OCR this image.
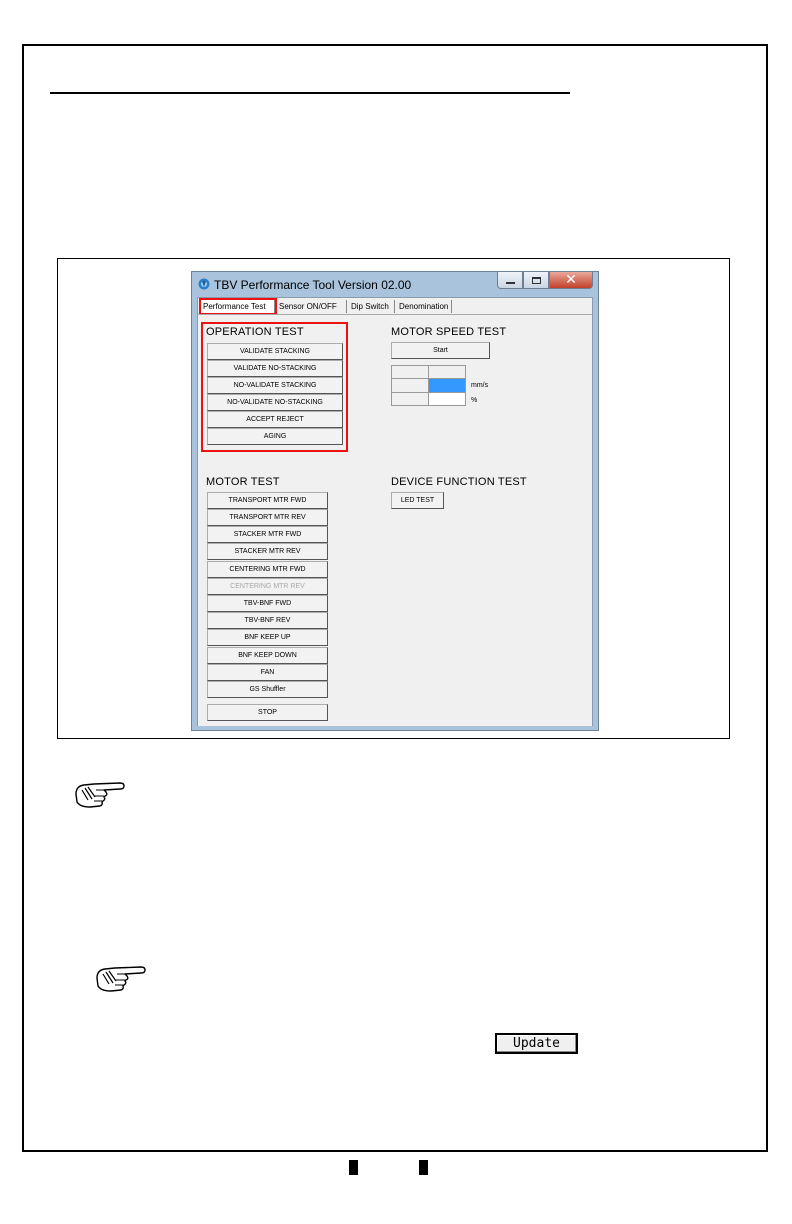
TBV Performance Tool Version 02.00	✕
Performance Test	Sensor ON/OFF	Dip Switch	Denomination
OPERATION TEST
VALIDATE STACKING
VALIDATE NO-STACKING
NO-VALIDATE STACKING
NO-VALIDATE NO-STACKING
ACCEPT REJECT
AGING
MOTOR SPEED TEST
Start
mm/s
%
MOTOR TEST
TRANSPORT MTR FWD
TRANSPORT MTR REV
STACKER MTR FWD
STACKER MTR REV
CENTERING MTR FWD
CENTERING MTR REV
TBV-BNF FWD
TBV-BNF REV
BNF KEEP UP
BNF KEEP DOWN
FAN
GS Shuffler
STOP
DEVICE FUNCTION TEST
LED TEST
Update
